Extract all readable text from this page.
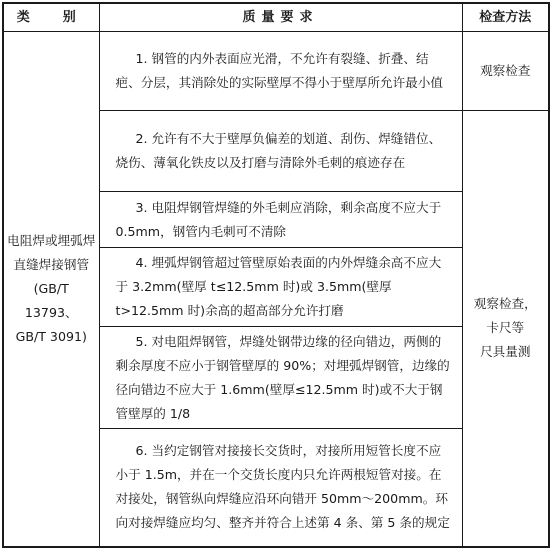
类　别	质量要求	检查方法

电阻焊或埋弧焊
直缝焊接钢管
(GB/T 13793、
GB/T 3091)	1. 钢管的内外表面应光滑，不允许有裂缝、折叠、结疤、分层，其消除处的实际壁厚不得小于壁厚所允许最小值	观察检查
	2. 允许有不大于壁厚负偏差的划道、刮伤、焊缝错位、烧伤、薄氧化铁皮以及打磨与清除外毛刺的痕迹存在	观察检查，
卡尺等
尺具量测

	3. 电阻焊钢管焊缝的外毛刺应消除，剩余高度不应大于 0.5mm，钢管内毛刺可不清除	
	4. 埋弧焊钢管超过管壁原始表面的内外焊缝余高不应大于 3.2mm(壁厚 t≤12.5mm 时)或 3.5mm(壁厚 t>12.5mm 时)余高的超高部分允许打磨	
	5. 对电阻焊钢管，焊缝处钢带边缘的径向错边，两侧的剩余厚度不应小于钢管壁厚的 90%；对埋弧焊钢管，边缘的径向错边不应大于 1.6mm(壁厚≤12.5mm 时)或不大于钢管壁厚的 1/8	
	6. 当约定钢管对接接长交货时，对接所用短管长度不应小于 1.5m，并在一个交货长度内只允许两根短管对接。在对接处，钢管纵向焊缝应沿环向错开 50mm～200mm。环向对接焊缝应均匀、整齐并符合上述第 4 条、第 5 条的规定	
